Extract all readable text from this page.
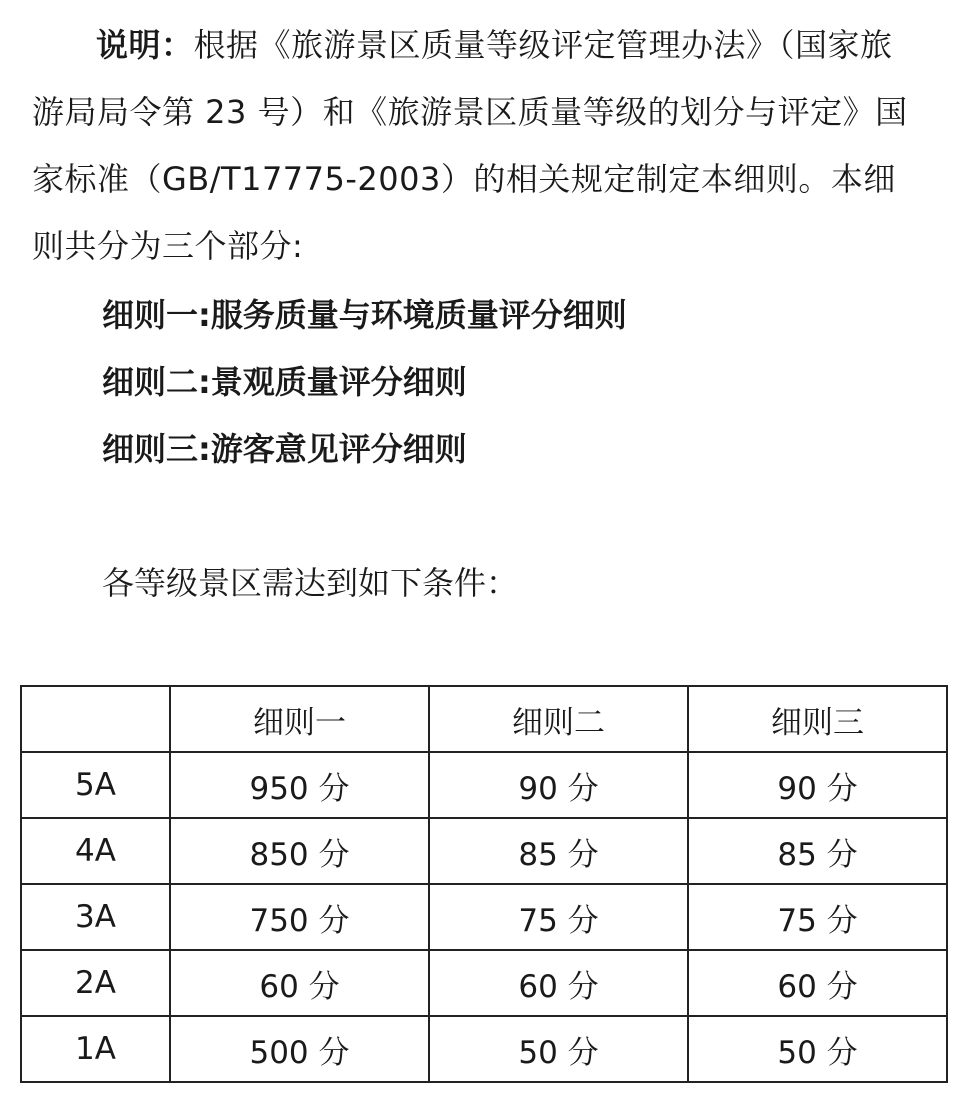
说明：根据《旅游景区质量等级评定管理办法》（国家旅游局局令第 23 号）和《旅游景区质量等级的划分与评定》国家标准（GB/T17775-2003）的相关规定制定本细则。本细则共分为三个部分:

细则一:服务质量与环境质量评分细则
细则二:景观质量评分细则
细则三:游客意见评分细则

各等级景区需达到如下条件：

	细则一	细则二	细则三
5A	950 分	90 分	90 分
4A	850 分	85 分	85 分
3A	750 分	75 分	75 分
2A	60 分	60 分	60 分
1A	500 分	50 分	50 分
